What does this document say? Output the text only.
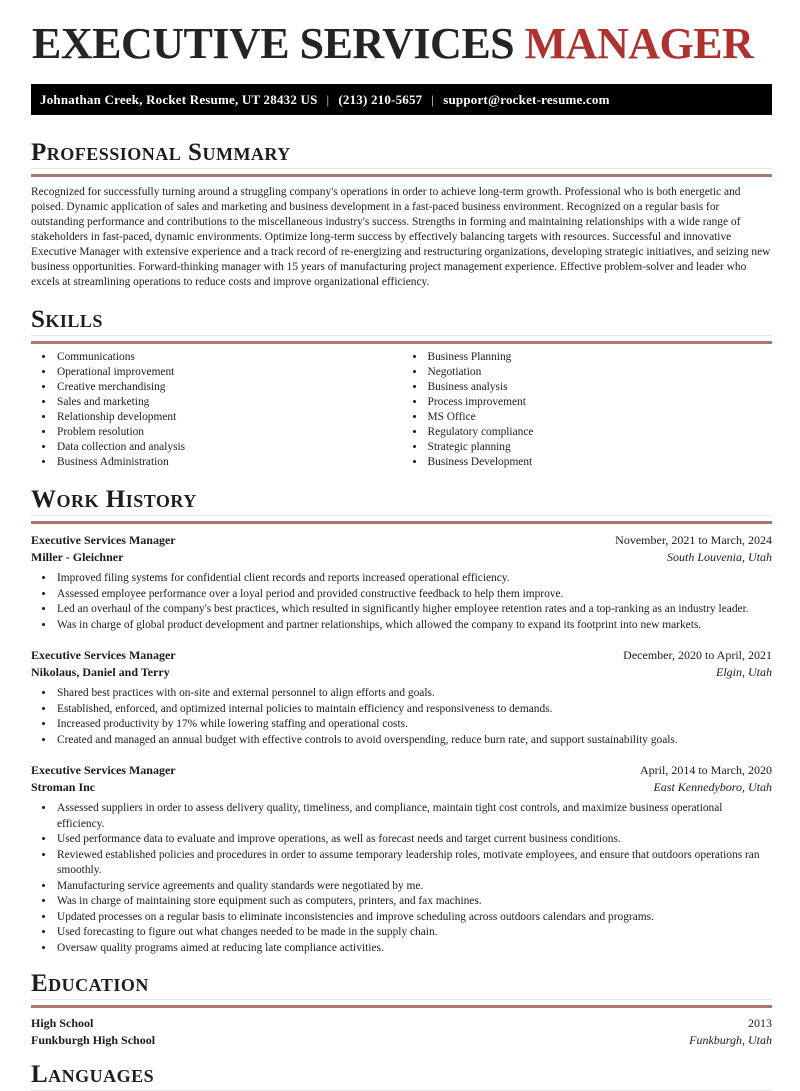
EXECUTIVE SERVICES MANAGER
Johnathan Creek, Rocket Resume, UT 28432 US | (213) 210-5657 | support@rocket-resume.com
Professional Summary

Recognized for successfully turning around a struggling company's operations in order to achieve long-term growth. Professional who is both energetic and poised. Dynamic application of sales and marketing and business development in a fast-paced business environment. Recognized on a regular basis for outstanding performance and contributions to the miscellaneous industry's success. Strengths in forming and maintaining relationships with a wide range of stakeholders in fast-paced, dynamic environments. Optimize long-term success by effectively balancing targets with resources. Successful and innovative Executive Manager with extensive experience and a track record of re-energizing and restructuring organizations, developing strategic initiatives, and seizing new business opportunities. Forward-thinking manager with 15 years of manufacturing project management experience. Effective problem-solver and leader who excels at streamlining operations to reduce costs and improve organizational efficiency.

Skills
• Communications
• Operational improvement
• Creative merchandising
• Sales and marketing
• Relationship development
• Problem resolution
• Data collection and analysis
• Business Administration
• Business Planning
• Negotiation
• Business analysis
• Process improvement
• MS Office
• Regulatory compliance
• Strategic planning
• Business Development
Work History
Executive Services Manager	November, 2021 to March, 2024
Miller - Gleichner	South Louvenia, Utah
• Improved filing systems for confidential client records and reports increased operational efficiency.
• Assessed employee performance over a loyal period and provided constructive feedback to help them improve.
• Led an overhaul of the company's best practices, which resulted in significantly higher employee retention rates and a top-ranking as an industry leader.
• Was in charge of global product development and partner relationships, which allowed the company to expand its footprint into new markets.
Executive Services Manager	December, 2020 to April, 2021
Nikolaus, Daniel and Terry	Elgin, Utah
• Shared best practices with on-site and external personnel to align efforts and goals.
• Established, enforced, and optimized internal policies to maintain efficiency and responsiveness to demands.
• Increased productivity by 17% while lowering staffing and operational costs.
• Created and managed an annual budget with effective controls to avoid overspending, reduce burn rate, and support sustainability goals.
Executive Services Manager	April, 2014 to March, 2020
Stroman Inc	East Kennedyboro, Utah
• Assessed suppliers in order to assess delivery quality, timeliness, and compliance, maintain tight cost controls, and maximize business operational efficiency.
• Used performance data to evaluate and improve operations, as well as forecast needs and target current business conditions.
• Reviewed established policies and procedures in order to assume temporary leadership roles, motivate employees, and ensure that outdoors operations ran smoothly.
• Manufacturing service agreements and quality standards were negotiated by me.
• Was in charge of maintaining store equipment such as computers, printers, and fax machines.
• Updated processes on a regular basis to eliminate inconsistencies and improve scheduling across outdoors calendars and programs.
• Used forecasting to figure out what changes needed to be made in the supply chain.
• Oversaw quality programs aimed at reducing late compliance activities.
Education
High School	2013
Funkburgh High School	Funkburgh, Utah
Languages
